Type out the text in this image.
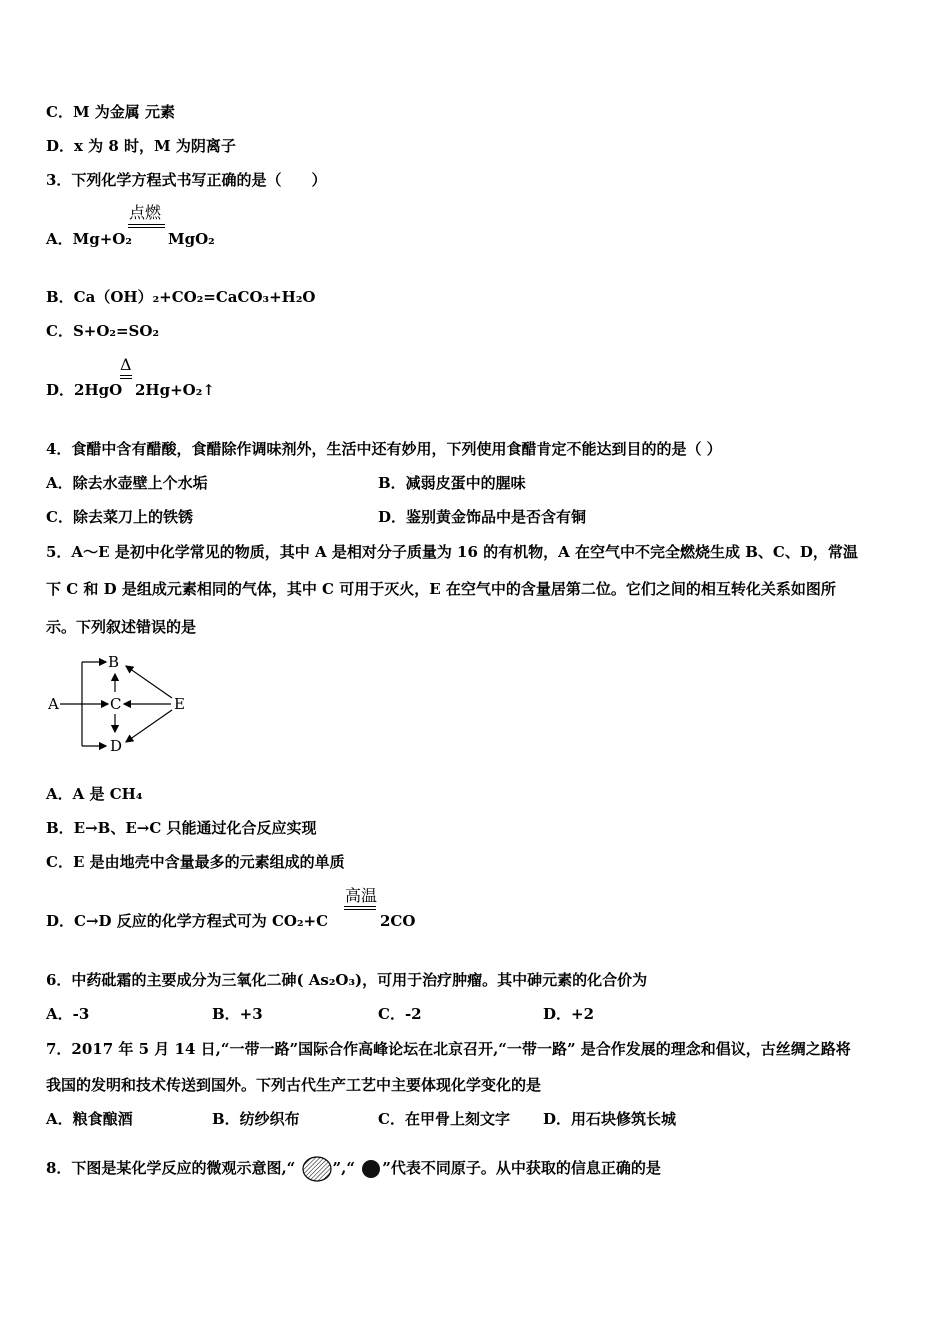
C．M 为金属 元素
D．x 为 8 时，M 为阴离子
3．下列化学方程式书写正确的是（　　）
点燃
A．Mg+O₂ MgO₂
B．Ca（OH）₂+CO₂=CaCO₃+H₂O
C．S+O₂=SO₂
Δ
D．2HgO 2Hg+O₂↑
4．食醋中含有醋酸，食醋除作调味剂外，生活中还有妙用，下列使用食醋肯定不能达到目的的是（ ）
A．除去水壶壁上个水垢	B．减弱皮蛋中的腥味
C．除去菜刀上的铁锈	D．鉴别黄金饰品中是否含有铜
5．A～E 是初中化学常见的物质，其中 A 是相对分子质量为 16 的有机物，A 在空气中不完全燃烧生成 B、C、D，常温
下 C 和 D 是组成元素相同的气体，其中 C 可用于灭火，E 在空气中的含量居第二位。它们之间的相互转化关系如图所
示。下列叙述错误的是
A
B
C
D
E
A．A 是 CH₄
B．E→B、E→C 只能通过化合反应实现
C．E 是由地壳中含量最多的元素组成的单质
高温
D．C→D 反应的化学方程式可为 CO₂+C	2CO
6．中药砒霜的主要成分为三氧化二砷( As₂O₃)，可用于治疗肿瘤。其中砷元素的化合价为
A．-3	B．+3	C．-2	D．+2
7．2017 年 5 月 14 日,“一带一路”国际合作高峰论坛在北京召开,“一带一路” 是合作发展的理念和倡议，古丝绸之路将
我国的发明和技术传送到国外。下列古代生产工艺中主要体现化学变化的是
A．粮食酿酒	B．纺纱织布	C．在甲骨上刻文字 D．用石块修筑长城
8．下图是某化学反应的微观示意图,“ ”,“ ”代表不同原子。从中获取的信息正确的是
